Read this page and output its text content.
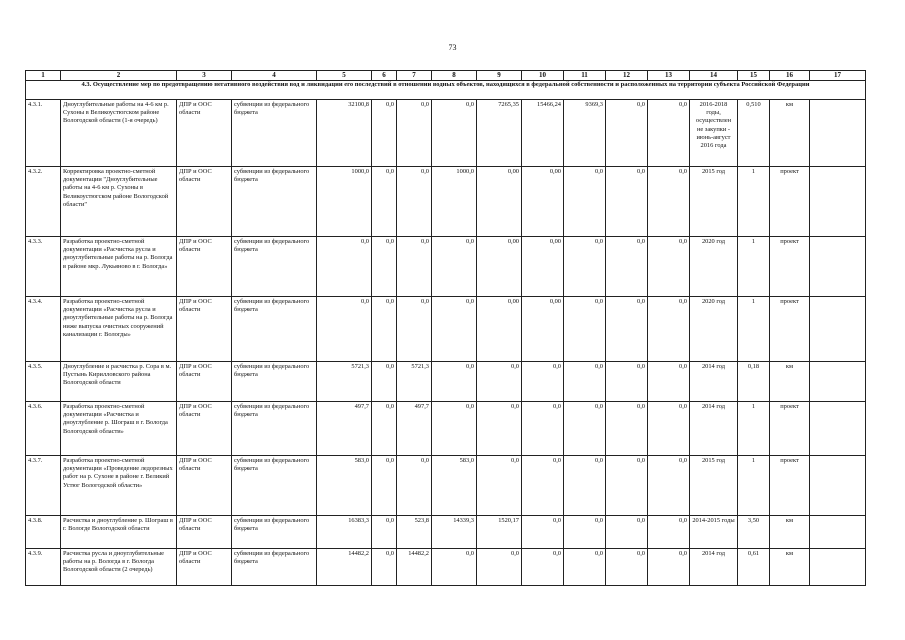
73
1	2	3	4	5	6	7	8	9	10	11	12	13	14	15	16	17
4.3. Осуществление мер по предотвращению негативного воздействия вод и ликвидации его последствий в отношении водных объектов, находящихся в федеральной собственности и расположенных на территории субъекта Российской Федерации																
4.3.1.	Дноуглубительные работы на 4-6 км р. Сухоны в Великоустюгском районе Вологодской области (1-я очередь)	ДПР и ООС области	субвенции из федерального бюджета	32100,8	0,0	0,0	0,0	7265,35	15466,24	9369,3	0,0	0,0	2016-2018 годы, осуществлен не закупки - июнь-август 2016 года	0,510	км	
4.3.2.	Корректировка проектно-сметной документации "Дноуглубительные работы на 4-6 км р. Сухоны в Великоустюгском районе Вологодской области"	ДПР и ООС области	субвенции из федерального бюджета	1000,0	0,0	0,0	1000,0	0,00	0,00	0,0	0,0	0,0	2015 год	1	проект	
4.3.3.	Разработка проектно-сметной документации «Расчистка русла и дноуглубительные работы на р. Вологда в районе мкр. Лукьяново в г. Вологда»	ДПР и ООС области	субвенции из федерального бюджета	0,0	0,0	0,0	0,0	0,00	0,00	0,0	0,0	0,0	2020 год	1	проект	
4.3.4.	Разработка проектно-сметной документации «Расчистка русла и дноуглубительные работы на р. Вологда ниже выпуска очистных сооружений канализации г. Вологды»	ДПР и ООС области	субвенции из федерального бюджета	0,0	0,0	0,0	0,0	0,00	0,00	0,0	0,0	0,0	2020 год	1	проект	
4.3.5.	Дноуглубление и расчистка р. Сора в м. Пустынь Кирилловского района Вологодской области	ДПР и ООС области	субвенции из федерального бюджета	5721,3	0,0	5721,3	0,0	0,0	0,0	0,0	0,0	0,0	2014 год	0,18	км	
4.3.6.	Разработка проектно-сметной документации «Расчистка и дноуглубление р. Шограш в г. Вологда Вологодской области»	ДПР и ООС области	субвенции из федерального бюджета	497,7	0,0	497,7	0,0	0,0	0,0	0,0	0,0	0,0	2014 год	1	проект	
4.3.7.	Разработка проектно-сметной документации «Проведение ледорезных работ на р. Сухоне в районе г. Великий Устюг Вологодской области»	ДПР и ООС области	субвенции из федерального бюджета	583,0	0,0	0,0	583,0	0,0	0,0	0,0	0,0	0,0	2015 год	1	проект	
4.3.8.	Расчистка и дноуглубление р. Шограш в г. Вологде Вологодской области	ДПР и ООС области	субвенции из федерального бюджета	16383,3	0,0	523,8	14339,3	1520,17	0,0	0,0	0,0	0,0	2014-2015 годы	3,50	км	
4.3.9.	Расчистка русла и дноуглубительные работы на р. Вологда в г. Вологда Вологодской области (2 очередь)	ДПР и ООС области	субвенции из федерального бюджета	14482,2	0,0	14482,2	0,0	0,0	0,0	0,0	0,0	0,0	2014 год	0,61	км	
